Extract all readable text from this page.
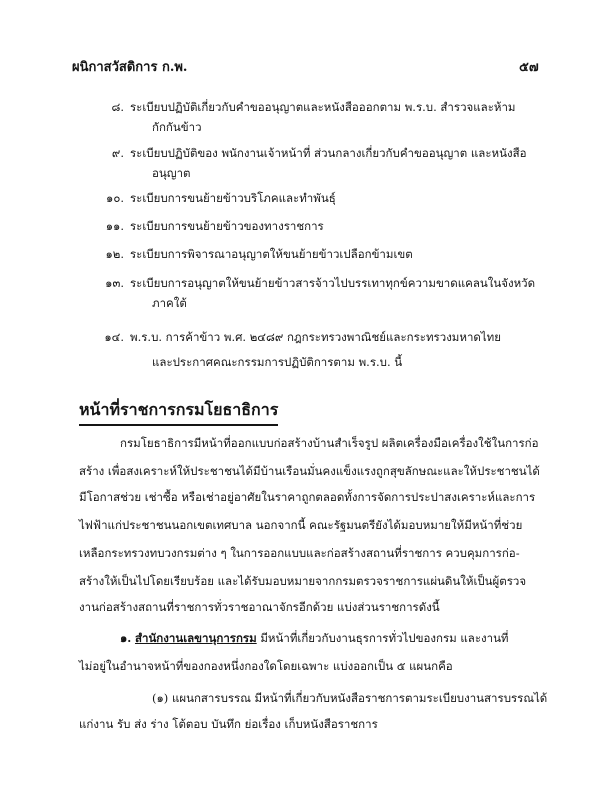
ผนิกาสวัสดิการ ก.พ.	๕๗
๘. ระเบียบปฏิบัติเกี่ยวกับคำขออนุญาตและหนังสือออกตาม พ.ร.บ. สำรวจและห้าม
กักกันข้าว
๙. ระเบียบปฏิบัติของ พนักงานเจ้าหน้าที่ ส่วนกลางเกี่ยวกับคำขออนุญาต และหนังสือ
อนุญาต
๑๐. ระเบียบการขนย้ายข้าวบริโภคและทำพันธุ์
๑๑. ระเบียบการขนย้ายข้าวของทางราชการ
๑๒. ระเบียบการพิจารณาอนุญาตให้ขนย้ายข้าวเปลือกข้ามเขต
๑๓. ระเบียบการอนุญาตให้ขนย้ายข้าวสารจ้าวไปบรรเทาทุกข์ความขาดแคลนในจังหวัด
ภาคใต้
๑๔. พ.ร.บ. การค้าข้าว พ.ศ. ๒๔๘๙ กฎกระทรวงพาณิชย์และกระทรวงมหาดไทย
และประกาศคณะกรรมการปฏิบัติการตาม พ.ร.บ. นี้
หน้าที่ราชการกรมโยธาธิการ
กรมโยธาธิการมีหน้าที่ออกแบบก่อสร้างบ้านสำเร็จรูป ผลิตเครื่องมือเครื่องใช้ในการก่อ
สร้าง เพื่อสงเคราะห์ให้ประชาชนได้มีบ้านเรือนมั่นคงแข็งแรงถูกสุขลักษณะและให้ประชาชนได้
มีโอกาสช่วย เช่าซื้อ หรือเช่าอยู่อาศัยในราคาถูกตลอดทั้งการจัดการประปาสงเคราะห์และการ
ไฟฟ้าแก่ประชาชนนอกเขตเทศบาล นอกจากนี้ คณะรัฐมนตรียังได้มอบหมายให้มีหน้าที่ช่วย
เหลือกระทรวงทบวงกรมต่าง ๆ ในการออกแบบและก่อสร้างสถานที่ราชการ ควบคุมการก่อ-
สร้างให้เป็นไปโดยเรียบร้อย และได้รับมอบหมายจากกรมตรวจราชการแผ่นดินให้เป็นผู้ตรวจ
งานก่อสร้างสถานที่ราชการทั่วราชอาณาจักรอีกด้วย แบ่งส่วนราชการดังนี้
๑. สำนักงานเลขานุการกรม มีหน้าที่เกี่ยวกับงานธุรการทั่วไปของกรม และงานที่
ไม่อยู่ในอำนาจหน้าที่ของกองหนึ่งกองใดโดยเฉพาะ แบ่งออกเป็น ๕ แผนกคือ
(๑) แผนกสารบรรณ มีหน้าที่เกี่ยวกับหนังสือราชการตามระเบียบงานสารบรรณได้
แก่งาน รับ ส่ง ร่าง โต้ตอบ บันทึก ย่อเรื่อง เก็บหนังสือราชการ
